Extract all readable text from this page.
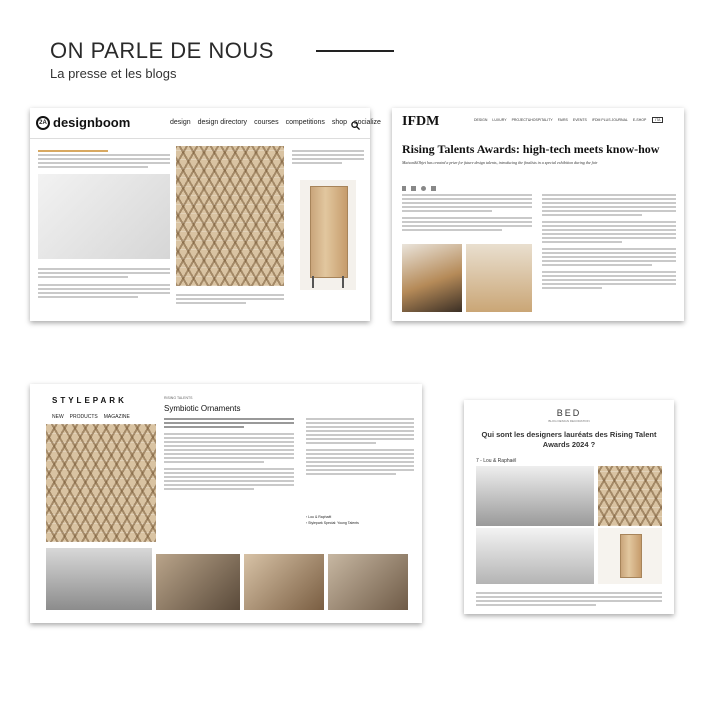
ON PARLE DE NOUS
La presse et les blogs
2A designboom	design design directory courses competitions shop socialize	IFDM	DESIGN LUXURY PROJECT&HOSPITALITY FAIRS EVENTS IFDM PLUS JOURNAL E-SHOP	ITA
Rising Talents Awards: high-tech meets know-how
Maison&Objet has created a prize for future design talents, introducing the finalists in a special exhibition during the fair
STYLEPARK
NEW PRODUCTS MAGAZINE
RISING TALENTS
Symbiotic Ornaments
› Lou & Raphaël
› Stylepark Special: Young Talents
BED
BLOG DESIGN DECORATION
Qui sont les designers lauréats des Rising Talent Awards 2024 ?
7 - Lou & Raphaël
